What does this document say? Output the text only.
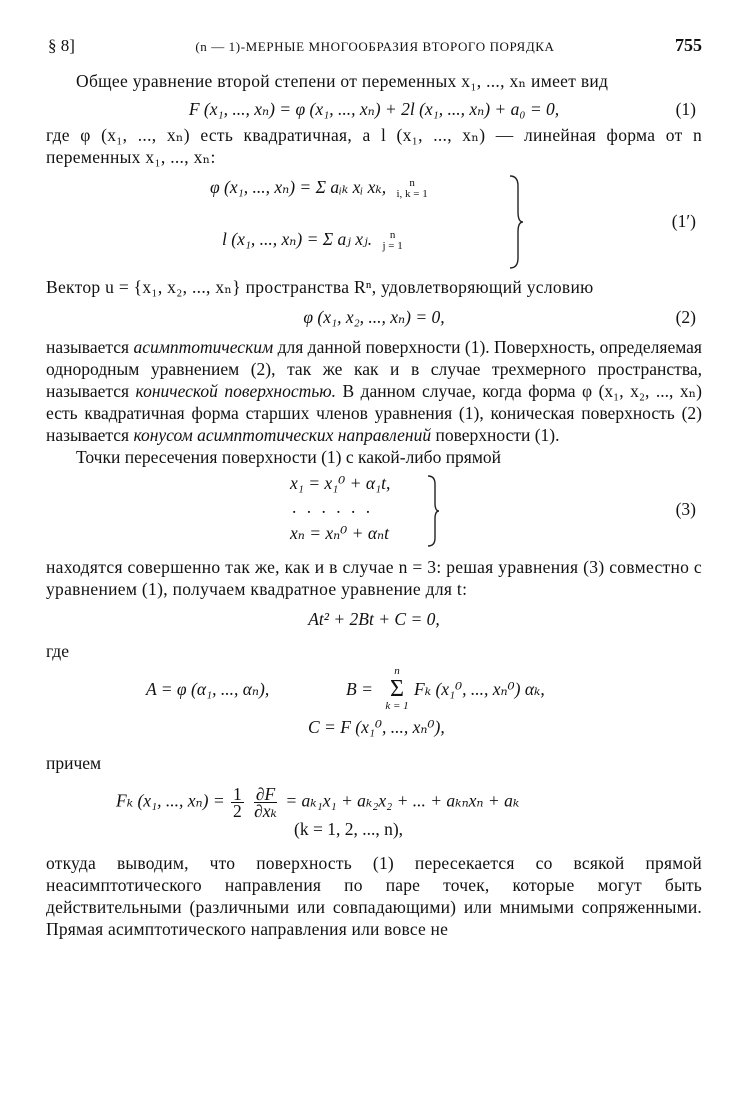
§ 8]	(n — 1)-МЕРНЫЕ МНОГООБРАЗИЯ ВТОРОГО ПОРЯДКА	755

Общее уравнение второй степени от переменных x₁, ..., xₙ имеет вид

F (x₁, ..., xₙ) = φ (x₁, ..., xₙ) + 2l (x₁, ..., xₙ) + a₀ = 0,	(1)

где φ (x₁, ..., xₙ) есть квадратичная, а l (x₁, ..., xₙ) — линейная форма от n переменных x₁, ..., xₙ:

φ (x₁, ..., xₙ) = Σ aᵢₖ xᵢ xₖ, n
i, k = 1
l (x₁, ..., xₙ) = Σ aⱼ xⱼ. n
j = 1
(1′)

Вектор u = {x₁, x₂, ..., xₙ} пространства Rⁿ, удовлетворяющий условию

φ (x₁, x₂, ..., xₙ) = 0,	(2)

называется асимптотическим для данной поверхности (1). Поверхность, определяемая однородным уравнением (2), так же как и в случае трехмерного пространства, называется конической поверхностью. В данном случае, когда форма φ (x₁, x₂, ..., xₙ) есть квадратичная форма старших членов уравнения (1), коническая поверхность (2) называется конусом асимптотических направлений поверхности (1).

Точки пересечения поверхности (1) с какой-либо прямой

x₁ = x₁⁰ + α₁t,
. . . . . .
xₙ = xₙ⁰ + αₙt
(3)

находятся совершенно так же, как и в случае n = 3: решая уравнения (3) совместно с уравнением (1), получаем квадратное уравнение для t:

At² + 2Bt + C = 0,
где
A = φ (α₁, ..., αₙ),	B =
n
Σ
k = 1
Fₖ (x₁⁰, ..., xₙ⁰) αₖ,
C = F (x₁⁰, ..., xₙ⁰),
причем
Fₖ (x₁, ..., $x_n) = \frac{1}{2}$
$\frac{\partial F}{\text{∂xₖ}} = a_{k1}x_1 + a_{k2}x_2$ + ... + aₖₙxₙ + aₖ
(k = 1, 2, ..., n),

откуда выводим, что поверхность (1) пересекается со всякой прямой неасимптотического направления по паре точек, которые могут быть действительными (различными или совпадающими) или мнимыми сопряженными. Прямая асимптотического направления или вовсе не
